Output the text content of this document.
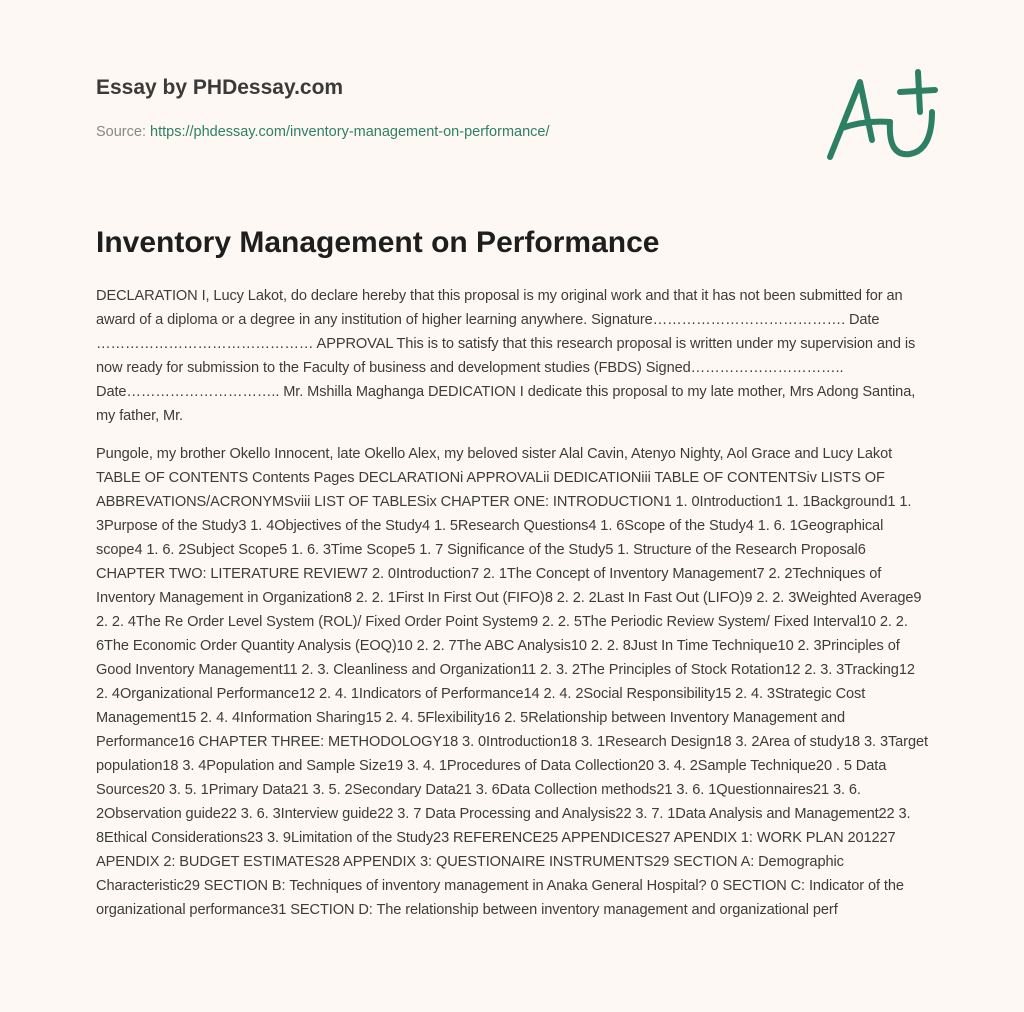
Essay by PHDessay.com
Source: https://phdessay.com/inventory-management-on-performance/
Inventory Management on Performance

DECLARATION I, Lucy Lakot, do declare hereby that this proposal is my original work and that it has not been submitted for an award of a diploma or a degree in any institution of higher learning anywhere. Signature…………………………………. Date ……………………………………… APPROVAL This is to satisfy that this research proposal is written under my supervision and is now ready for submission to the Faculty of business and development studies (FBDS) Signed………………………….. Date………………………….. Mr. Mshilla Maghanga DEDICATION I dedicate this proposal to my late mother, Mrs Adong Santina, my father, Mr.

Pungole, my brother Okello Innocent, late Okello Alex, my beloved sister Alal Cavin, Atenyo Nighty, Aol Grace and Lucy Lakot TABLE OF CONTENTS Contents Pages DECLARATIONi APPROVALii DEDICATIONiii TABLE OF CONTENTSiv LISTS OF ABBREVATIONS/ACRONYMSviii LIST OF TABLESix CHAPTER ONE: INTRODUCTION1 1. 0Introduction1 1. 1Background1 1. 3Purpose of the Study3 1. 4Objectives of the Study4 1. 5Research Questions4 1. 6Scope of the Study4 1. 6. 1Geographical scope4 1. 6. 2Subject Scope5 1. 6. 3Time Scope5 1. 7 Significance of the Study5 1. Structure of the Research Proposal6 CHAPTER TWO: LITERATURE REVIEW7 2. 0Introduction7 2. 1The Concept of Inventory Management7 2. 2Techniques of Inventory Management in Organization8 2. 2. 1First In First Out (FIFO)8 2. 2. 2Last In Fast Out (LIFO)9 2. 2. 3Weighted Average9 2. 2. 4The Re Order Level System (ROL)/ Fixed Order Point System9 2. 2. 5The Periodic Review System/ Fixed Interval10 2. 2. 6The Economic Order Quantity Analysis (EOQ)10 2. 2. 7The ABC Analysis10 2. 2. 8Just In Time Technique10 2. 3Principles of Good Inventory Management11 2. 3. Cleanliness and Organization11 2. 3. 2The Principles of Stock Rotation12 2. 3. 3Tracking12 2. 4Organizational Performance12 2. 4. 1Indicators of Performance14 2. 4. 2Social Responsibility15 2. 4. 3Strategic Cost Management15 2. 4. 4Information Sharing15 2. 4. 5Flexibility16 2. 5Relationship between Inventory Management and Performance16 CHAPTER THREE: METHODOLOGY18 3. 0Introduction18 3. 1Research Design18 3. 2Area of study18 3. 3Target population18 3. 4Population and Sample Size19 3. 4. 1Procedures of Data Collection20 3. 4. 2Sample Technique20 . 5 Data Sources20 3. 5. 1Primary Data21 3. 5. 2Secondary Data21 3. 6Data Collection methods21 3. 6. 1Questionnaires21 3. 6. 2Observation guide22 3. 6. 3Interview guide22 3. 7 Data Processing and Analysis22 3. 7. 1Data Analysis and Management22 3. 8Ethical Considerations23 3. 9Limitation of the Study23 REFERENCE25 APPENDICES27 APENDIX 1: WORK PLAN 201227 APENDIX 2: BUDGET ESTIMATES28 APPENDIX 3: QUESTIONAIRE INSTRUMENTS29 SECTION A: Demographic Characteristic29 SECTION B: Techniques of inventory management in Anaka General Hospital? 0 SECTION C: Indicator of the organizational performance31 SECTION D: The relationship between inventory management and organizational perf
